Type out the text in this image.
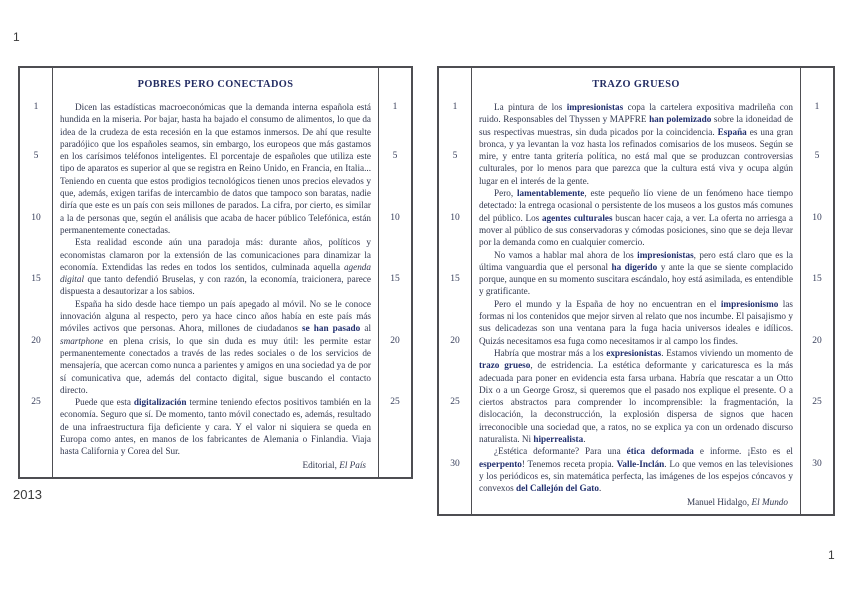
1
1
5
10
15
20
25
POBRES PERO CONECTADOS

Dicen las estadísticas macroeconómicas que la demanda interna española está hundida en la miseria. Por bajar, hasta ha bajado el consumo de alimentos, lo que da idea de la crudeza de esta recesión en la que estamos inmersos. De ahí que resulte paradójico que los españoles seamos, sin embargo, los europeos que más gastamos en los carísimos teléfonos inteligentes. El porcentaje de españoles que utiliza este tipo de aparatos es superior al que se registra en Reino Unido, en Francia, en Italia... Teniendo en cuenta que estos prodigios tecnológicos tienen unos precios elevados y que, además, exigen tarifas de intercambio de datos que tampoco son baratas, nadie diría que este es un país con seis millones de parados. La cifra, por cierto, es similar a la de personas que, según el análisis que acaba de hacer público Telefónica, están permanentemente conectadas.

Esta realidad esconde aún una paradoja más: durante años, políticos y economistas clamaron por la extensión de las comunicaciones para dinamizar la economía. Extendidas las redes en todos los sentidos, culminada aquella agenda digital que tanto defendió Bruselas, y con razón, la economía, traicionera, parece dispuesta a desautorizar a los sabios.

España ha sido desde hace tiempo un país apegado al móvil. No se le conoce innovación alguna al respecto, pero ya hace cinco años había en este país más móviles activos que personas. Ahora, millones de ciudadanos se han pasado al smartphone en plena crisis, lo que sin duda es muy útil: les permite estar permanentemente conectados a través de las redes sociales o de los servicios de mensajería, que acercan como nunca a parientes y amigos en una sociedad ya de por sí comunicativa que, además del contacto digital, sigue buscando el contacto directo.

Puede que esta digitalización termine teniendo efectos positivos también en la economía. Seguro que sí. De momento, tanto móvil conectado es, además, resultado de una infraestructura fija deficiente y cara. Y el valor ni siquiera se queda en Europa como antes, en manos de los fabricantes de Alemania o Finlandia. Viaja hasta California y Corea del Sur.

Editorial, El País
1
5
10
15
20
25
1
5
10
15
20
25
30
TRAZO GRUESO

La pintura de los impresionistas copa la cartelera expositiva madrileña con ruido. Responsables del Thyssen y MAPFRE han polemizado sobre la idoneidad de sus respectivas muestras, sin duda picados por la coincidencia. España es una gran bronca, y ya levantan la voz hasta los refinados comisarios de los museos. Según se mire, y entre tanta gritería política, no está mal que se produzcan controversias culturales, por lo menos para que parezca que la cultura está viva y ocupa algún lugar en el interés de la gente.

Pero, lamentablemente, este pequeño lío viene de un fenómeno hace tiempo detectado: la entrega ocasional o persistente de los museos a los gustos más comunes del público. Los agentes culturales buscan hacer caja, a ver. La oferta no arriesga a mover al público de sus conservadoras y cómodas posiciones, sino que se deja llevar por la demanda como en cualquier comercio.

No vamos a hablar mal ahora de los impresionistas, pero está claro que es la última vanguardia que el personal ha digerido y ante la que se siente complacido porque, aunque en su momento suscitara escándalo, hoy está asimilada, es entendible y gratificante.

Pero el mundo y la España de hoy no encuentran en el impresionismo las formas ni los contenidos que mejor sirven al relato que nos incumbe. El paisajismo y sus delicadezas son una ventana para la fuga hacia universos ideales e idílicos. Quizás necesitamos esa fuga como necesitamos ir al campo los findes.

Habría que mostrar más a los expresionistas. Estamos viviendo un momento de trazo grueso, de estridencia. La estética deformante y caricaturesca es la más adecuada para poner en evidencia esta farsa urbana. Habría que rescatar a un Otto Dix o a un George Grosz, si queremos que el pasado nos explique el presente. O a ciertos abstractos para comprender lo incomprensible: la fragmentación, la dislocación, la deconstrucción, la explosión dispersa de signos que hacen irreconocible una sociedad que, a ratos, no se explica ya con un ordenado discurso naturalista. Ni hiperrealista.

¿Estética deformante? Para una ética deformada e informe. ¡Esto es el esperpento! Tenemos receta propia. Valle-Inclán. Lo que vemos en las televisiones y los periódicos es, sin matemática perfecta, las imágenes de los espejos cóncavos y convexos del Callejón del Gato.

Manuel Hidalgo, El Mundo
1
5
10
15
20
25
30
2013
1
